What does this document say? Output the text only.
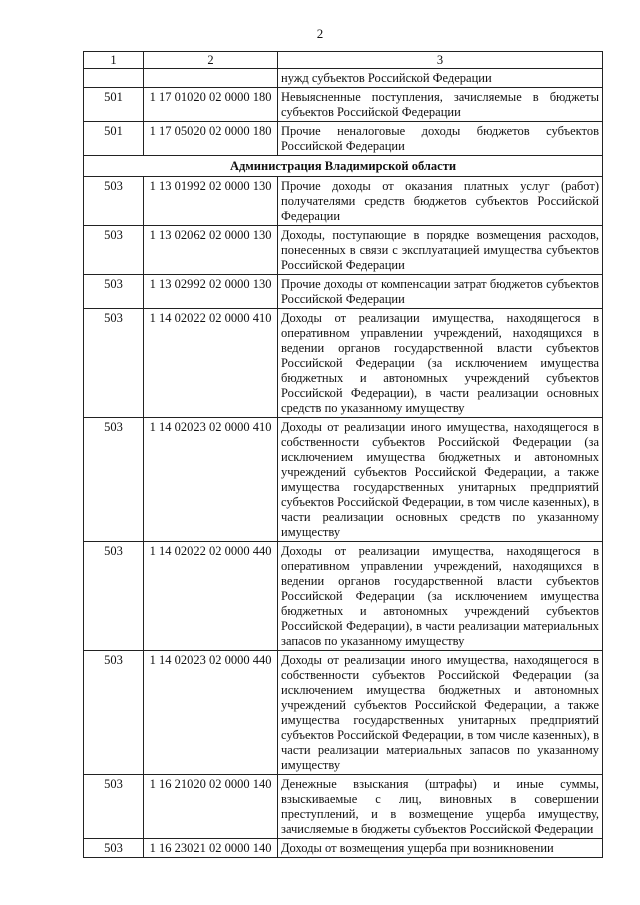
2
1	2	3
		нужд субъектов Российской Федерации
501	1 17 01020 02 0000 180	Невыясненные поступления, зачисляемые в бюджеты субъектов Российской Федерации
501	1 17 05020 02 0000 180	Прочие неналоговые доходы бюджетов субъектов Российской Федерации
Администрация Владимирской области		
503	1 13 01992 02 0000 130	Прочие доходы от оказания платных услуг (работ) получателями средств бюджетов субъектов Российской Федерации
503	1 13 02062 02 0000 130	Доходы, поступающие в порядке возмещения расходов, понесенных в связи с эксплуатацией имущества субъектов Российской Федерации
503	1 13 02992 02 0000 130	Прочие доходы от компенсации затрат бюджетов субъектов Российской Федерации
503	1 14 02022 02 0000 410	Доходы от реализации имущества, находящегося в оперативном управлении учреждений, находящихся в ведении органов государственной власти субъектов Российской Федерации (за исключением имущества бюджетных и автономных учреждений субъектов Российской Федерации), в части реализации основных средств по указанному имуществу
503	1 14 02023 02 0000 410	Доходы от реализации иного имущества, находящегося в собственности субъектов Российской Федерации (за исключением имущества бюджетных и автономных учреждений субъектов Российской Федерации, а также имущества государственных унитарных предприятий субъектов Российской Федерации, в том числе казенных), в части реализации основных средств по указанному имуществу
503	1 14 02022 02 0000 440	Доходы от реализации имущества, находящегося в оперативном управлении учреждений, находящихся в ведении органов государственной власти субъектов Российской Федерации (за исключением имущества бюджетных и автономных учреждений субъектов Российской Федерации), в части реализации материальных запасов по указанному имуществу
503	1 14 02023 02 0000 440	Доходы от реализации иного имущества, находящегося в собственности субъектов Российской Федерации (за исключением имущества бюджетных и автономных учреждений субъектов Российской Федерации, а также имущества государственных унитарных предприятий субъектов Российской Федерации, в том числе казенных), в части реализации материальных запасов по указанному имуществу
503	1 16 21020 02 0000 140	Денежные взыскания (штрафы) и иные суммы, взыскиваемые с лиц, виновных в совершении преступлений, и в возмещение ущерба имуществу, зачисляемые в бюджеты субъектов Российской Федерации
503	1 16 23021 02 0000 140	Доходы от возмещения ущерба при возникновении
